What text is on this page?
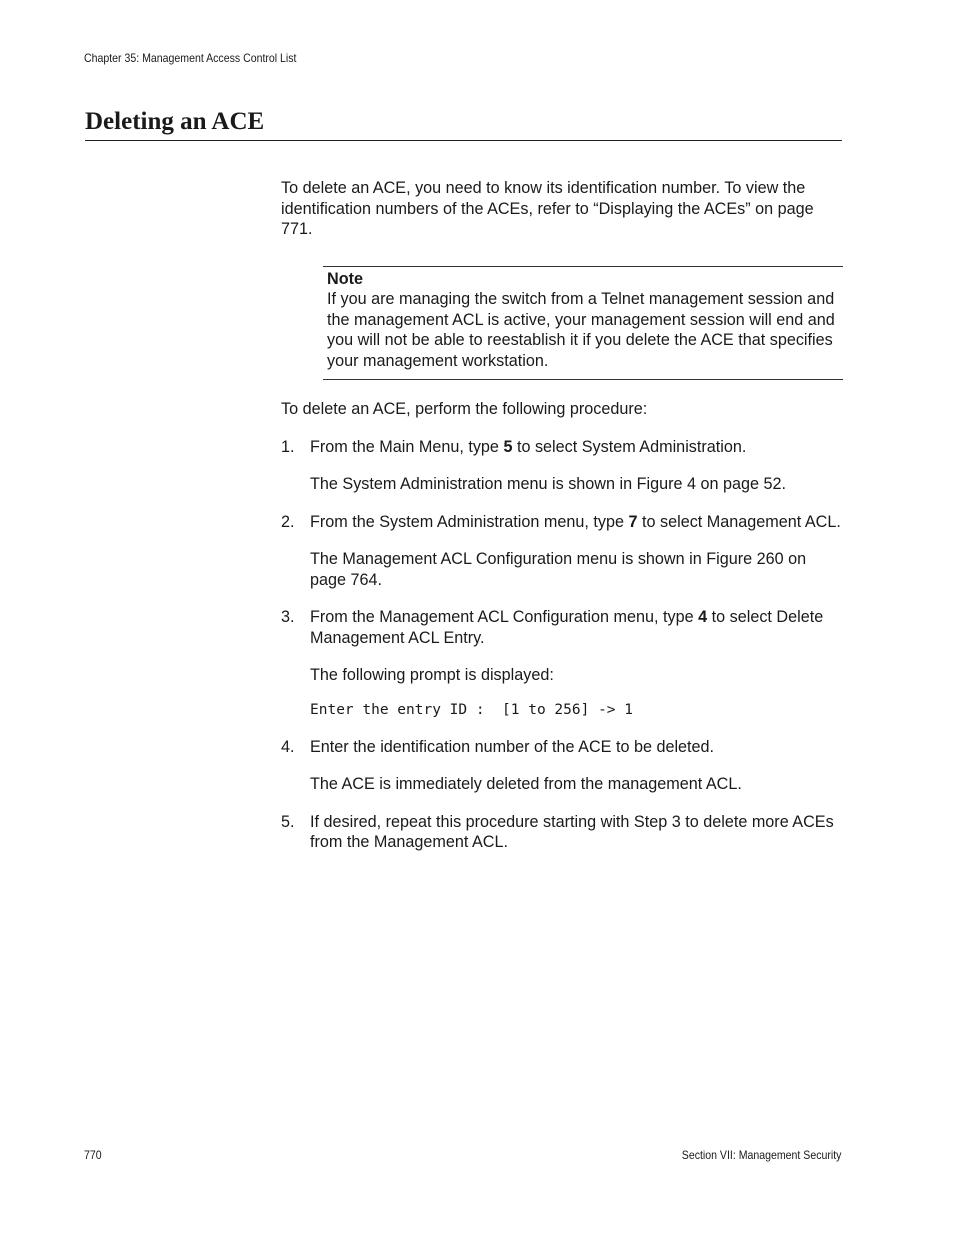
Chapter 35: Management Access Control List
Deleting an ACE

To delete an ACE, you need to know its identification number. To view the identification numbers of the ACEs, refer to “Displaying the ACEs” on page 771.

Note

If you are managing the switch from a Telnet management session and the management ACL is active, your management session will end and you will not be able to reestablish it if you delete the ACE that specifies your management workstation.

To delete an ACE, perform the following procedure:

1. From the Main Menu, type 5 to select System Administration.
The System Administration menu is shown in Figure 4 on page 52.
2. From the System Administration menu, type 7 to select Management ACL.
The Management ACL Configuration menu is shown in Figure 260 on page 764.
3. From the Management ACL Configuration menu, type 4 to select Delete Management ACL Entry.
The following prompt is displayed:
Enter the entry ID :  [1 to 256] -> 1
4. Enter the identification number of the ACE to be deleted.
The ACE is immediately deleted from the management ACL.
5. If desired, repeat this procedure starting with Step 3 to delete more ACEs from the Management ACL.
770	Section VII: Management Security
